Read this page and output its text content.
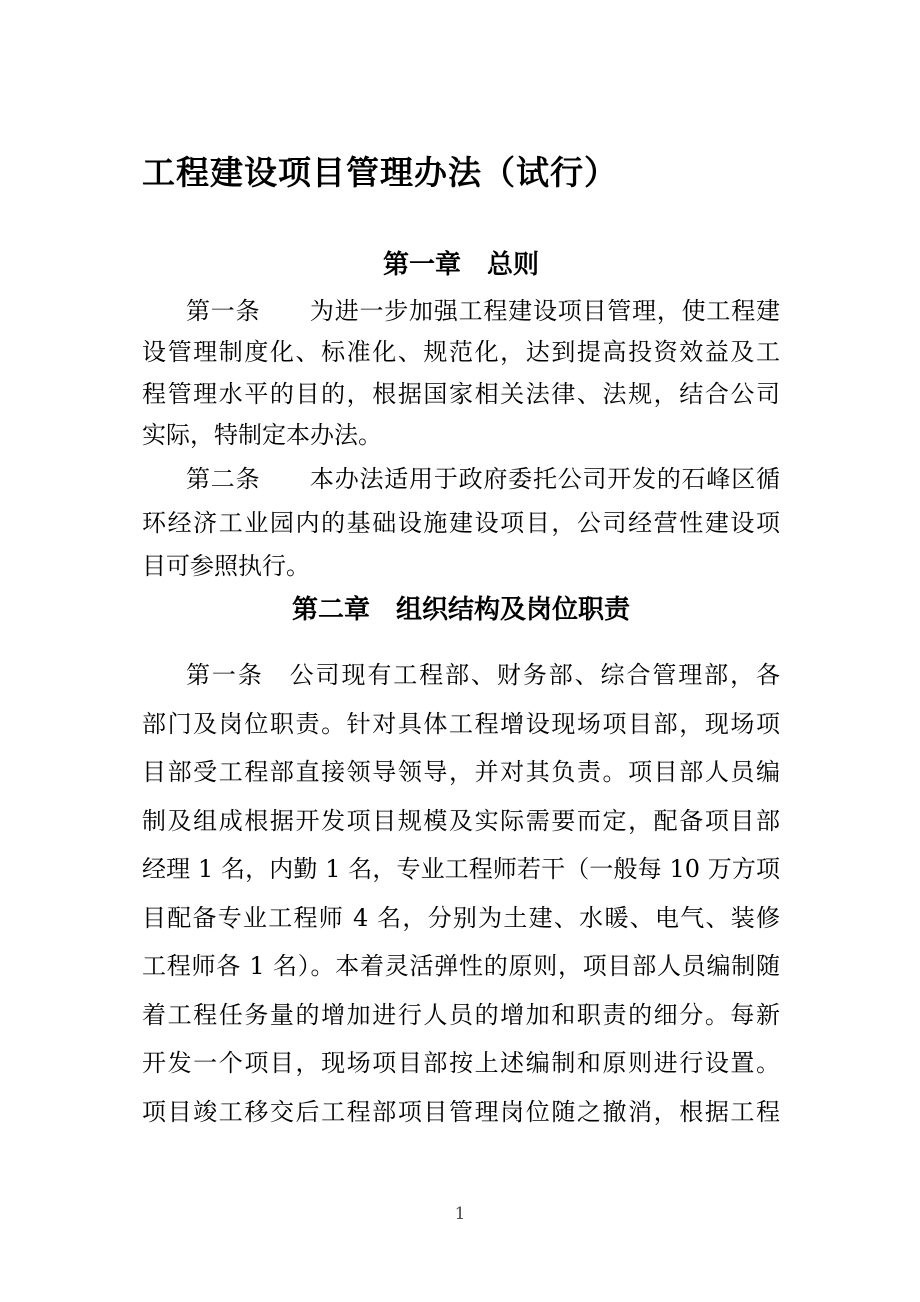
工程建设项目管理办法（试行）
第一章　总则
第一条　　为进一步加强工程建设项目管理，使工程建
设管理制度化、标准化、规范化，达到提高投资效益及工
程管理水平的目的，根据国家相关法律、法规，结合公司
实际，特制定本办法。
第二条　　本办法适用于政府委托公司开发的石峰区循
环经济工业园内的基础设施建设项目，公司经营性建设项
目可参照执行。
第二章　组织结构及岗位职责
第一条　公司现有工程部、财务部、综合管理部，各
部门及岗位职责。针对具体工程增设现场项目部，现场项
目部受工程部直接领导领导，并对其负责。项目部人员编
制及组成根据开发项目规模及实际需要而定，配备项目部
经理 1 名，内勤 1 名，专业工程师若干（一般每 10 万方项
目配备专业工程师 4 名，分别为土建、水暖、电气、装修
工程师各 1 名）。本着灵活弹性的原则，项目部人员编制随
着工程任务量的增加进行人员的增加和职责的细分。每新
开发一个项目，现场项目部按上述编制和原则进行设置。
项目竣工移交后工程部项目管理岗位随之撤消，根据工程
1
